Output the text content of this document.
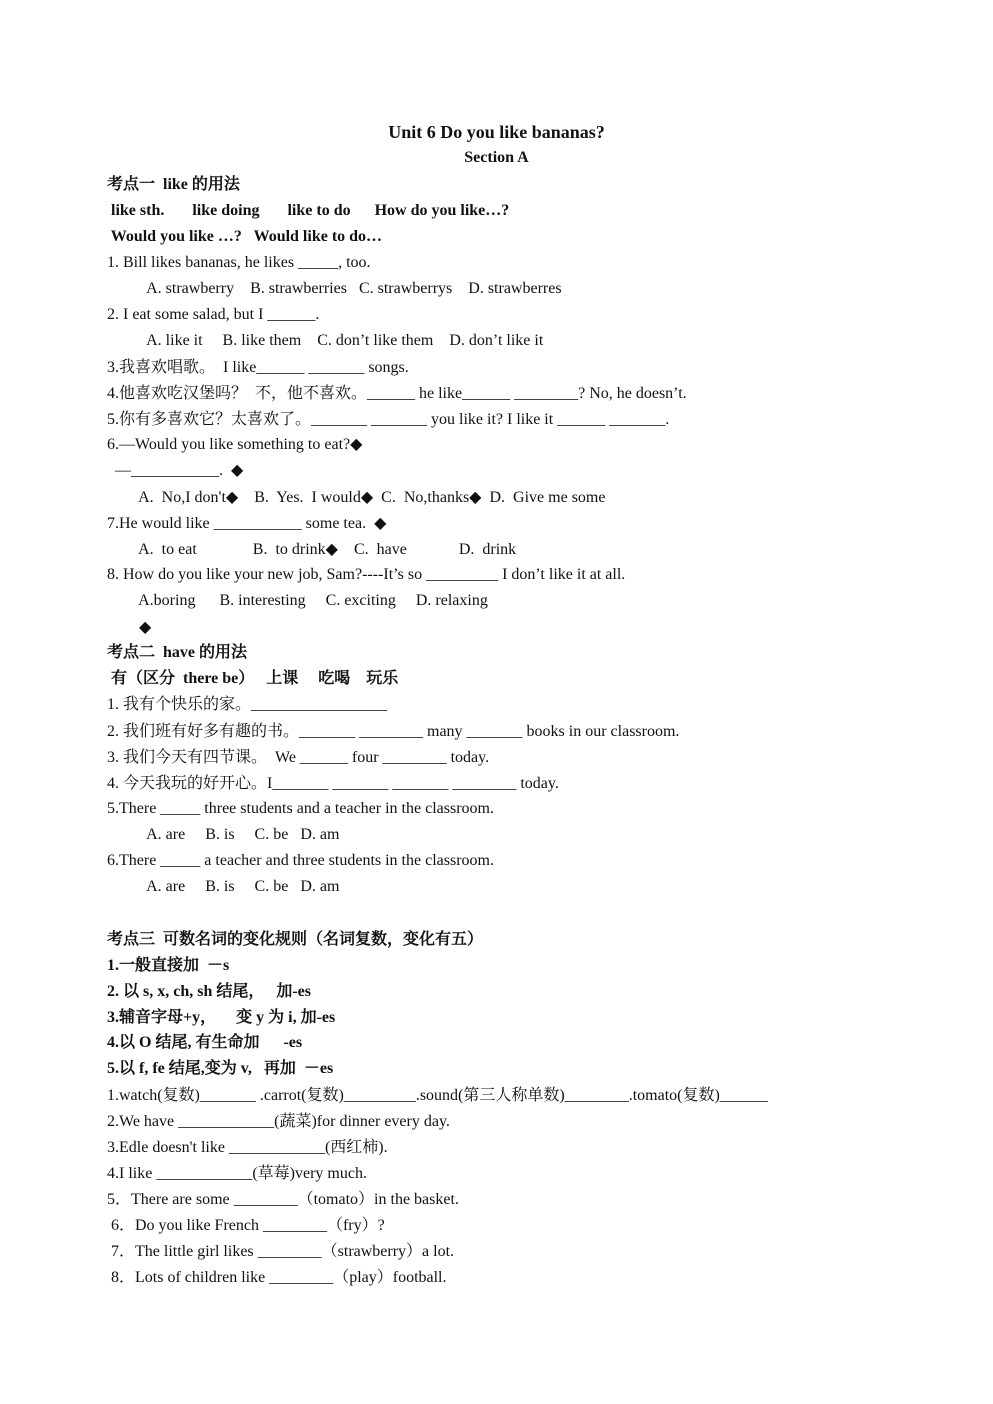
Unit 6 Do you like bananas?
Section A
考点一  like 的用法
like sth.       like doing       like to do      How do you like…?
Would you like …?   Would like to do…
1. Bill likes bananas, he likes _____, too.
A. strawberry    B. strawberries   C. strawberrys    D. strawberres
2. I eat some salad, but I ______.
A. like it     B. like them    C. don’t like them    D. don’t like it
3.我喜欢唱歌。  I like______ _______ songs.
4.他喜欢吃汉堡吗？  不，他不喜欢。______ he like______ ________? No, he doesn’t.
5.你有多喜欢它？太喜欢了。_______ _______ you like it? I like it ______ _______.
6.—Would you like something to eat?◆
—___________.  ◆
A.  No,I don't◆    B.  Yes.  I would◆  C.  No,thanks◆  D.  Give me some
7.He would like ___________ some tea.  ◆
A.  to eat              B.  to drink◆    C.  have             D.  drink
8. How do you like your new job, Sam?----It’s so _________ I don’t like it at all.
A.boring      B. interesting     C. exciting     D. relaxing
◆
考点二  have 的用法
有（区分  there be）   上课     吃喝    玩乐
1. 我有个快乐的家。_________________
2. 我们班有好多有趣的书。_______ ________ many _______ books in our classroom.
3. 我们今天有四节课。  We ______ four ________ today.
4. 今天我玩的好开心。I_______ _______ _______ ________ today.
5.There _____ three students and a teacher in the classroom.
A. are     B. is     C. be   D. am
6.There _____ a teacher and three students in the classroom.
A. are     B. is     C. be   D. am
考点三  可数名词的变化规则（名词复数，变化有五）
1.一般直接加  －s
2. 以 s, x, ch, sh 结尾，   加-es
3.辅音字母+y，     变 y 为 i, 加-es
4.以 O 结尾, 有生命加      -es
5.以 f, fe 结尾,变为 v,   再加  －es
1.watch(复数)_______ .carrot(复数)_________.sound(第三人称单数)________.tomato(复数)______
2.We have ____________(蔬菜)for dinner every day.
3.Edle doesn't like ____________(西红柿).
4.I like ____________(草莓)very much.
5．There are some ________（tomato）in the basket.
6．Do you like French ________（fry）?
7．The little girl likes ________（strawberry）a lot.
8．Lots of children like ________（play）football.
